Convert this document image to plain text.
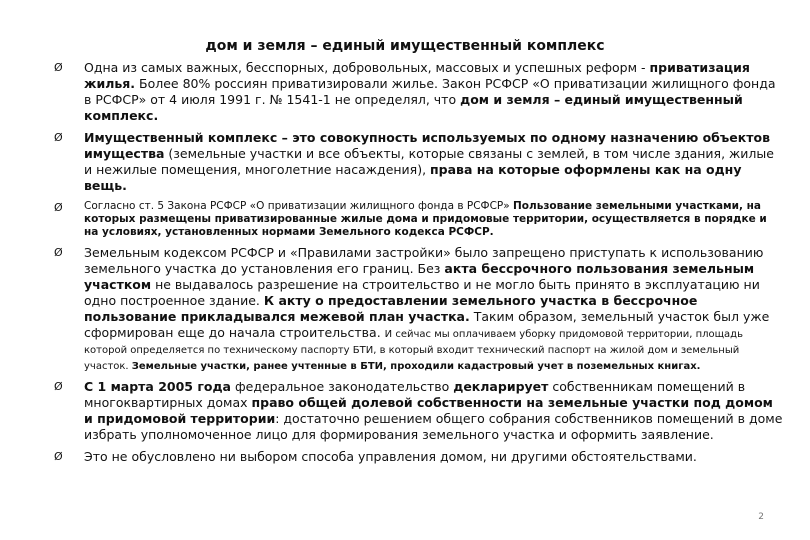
дом и земля – единый имущественный комплекс
Ø Одна из самых важных, бесспорных, добровольных, массовых и успешных реформ - приватизация жилья. Более 80% россиян приватизировали жилье. Закон РСФСР «О приватизации жилищного фонда в РСФСР» от 4 июля 1991 г. № 1541-1 не определял, что дом и земля – единый имущественный комплекс.
Ø Имущественный комплекс – это совокупность используемых по одному назначению объектов имущества (земельные участки и все объекты, которые связаны с землей, в том числе здания, жилые и нежилые помещения, многолетние насаждения), права на которые оформлены как на одну вещь.
Ø Согласно ст. 5 Закона РСФСР «О приватизации жилищного фонда в РСФСР» Пользование земельными участками, на которых размещены приватизированные жилые дома и придомовые территории, осуществляется в порядке и на условиях, установленных нормами Земельного кодекса РСФСР.
Ø Земельным кодексом РСФСР и «Правилами застройки» было запрещено приступать к использованию земельного участка до установления его границ. Без акта бессрочного пользования земельным участком не выдавалось разрешение на строительство и не могло быть принято в эксплуатацию ни одно построенное здание. К акту о предоставлении земельного участка в бессрочное пользование прикладывался межевой план участка. Таким образом, земельный участок был уже сформирован еще до начала строительства. И сейчас мы оплачиваем уборку придомовой территории, площадь которой определяется по техническому паспорту БТИ, в который входит технический паспорт на жилой дом и земельный участок. Земельные участки, ранее учтенные в БТИ, проходили кадастровый учет в поземельных книгах.
Ø С 1 марта 2005 года федеральное законодательство декларирует собственникам помещений в многоквартирных домах право общей долевой собственности на земельные участки под домом и придомовой территории: достаточно решением общего собрания собственников помещений в доме избрать уполномоченное лицо для формирования земельного участка и оформить заявление.
Ø Это не обусловлено ни выбором способа управления домом, ни другими обстоятельствами.
2
